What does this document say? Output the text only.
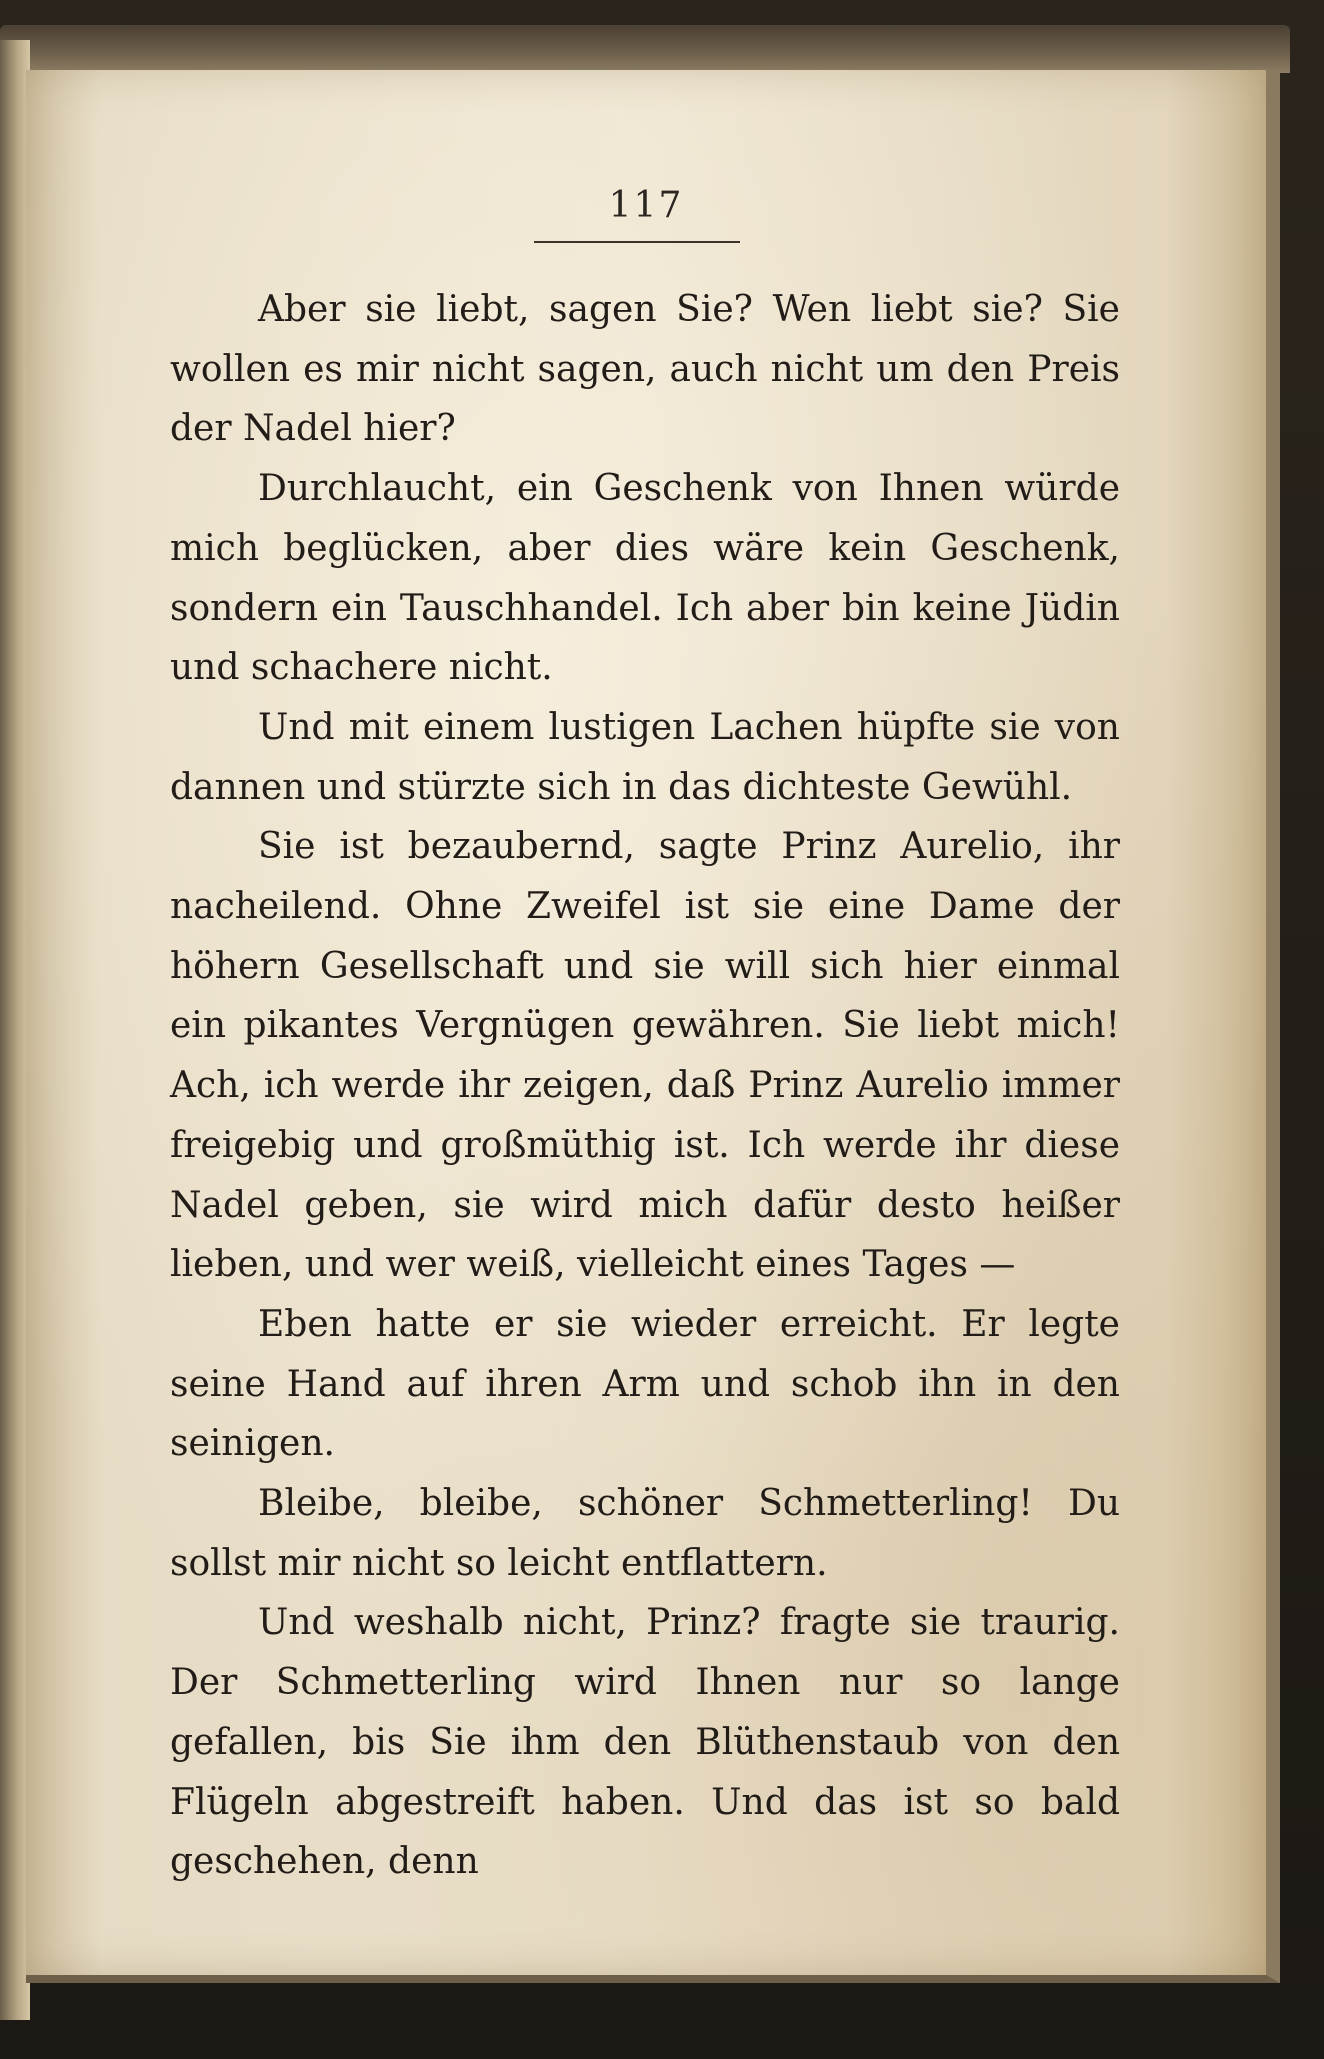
117

Aber sie liebt, sagen Sie? Wen liebt sie? Sie wollen es mir nicht sagen, auch nicht um den Preis der Nadel hier?

Durchlaucht, ein Geschenk von Ihnen würde mich beglücken, aber dies wäre kein Geschenk, sondern ein Tauschhandel. Ich aber bin keine Jüdin und schachere nicht.

Und mit einem lustigen Lachen hüpfte sie von dannen und stürzte sich in das dichteste Gewühl.

Sie ist bezaubernd, sagte Prinz Aurelio, ihr nacheilend. Ohne Zweifel ist sie eine Dame der höhern Gesellschaft und sie will sich hier einmal ein pikantes Vergnügen gewähren. Sie liebt mich! Ach, ich werde ihr zeigen, daß Prinz Aurelio immer freigebig und großmüthig ist. Ich werde ihr diese Nadel geben, sie wird mich dafür desto heißer lieben, und wer weiß, vielleicht eines Tages —

Eben hatte er sie wieder erreicht. Er legte seine Hand auf ihren Arm und schob ihn in den seinigen.

Bleibe, bleibe, schöner Schmetterling! Du sollst mir nicht so leicht entflattern.

Und weshalb nicht, Prinz? fragte sie traurig. Der Schmetterling wird Ihnen nur so lange gefallen, bis Sie ihm den Blüthenstaub von den Flügeln abgestreift haben. Und das ist so bald geschehen, denn
